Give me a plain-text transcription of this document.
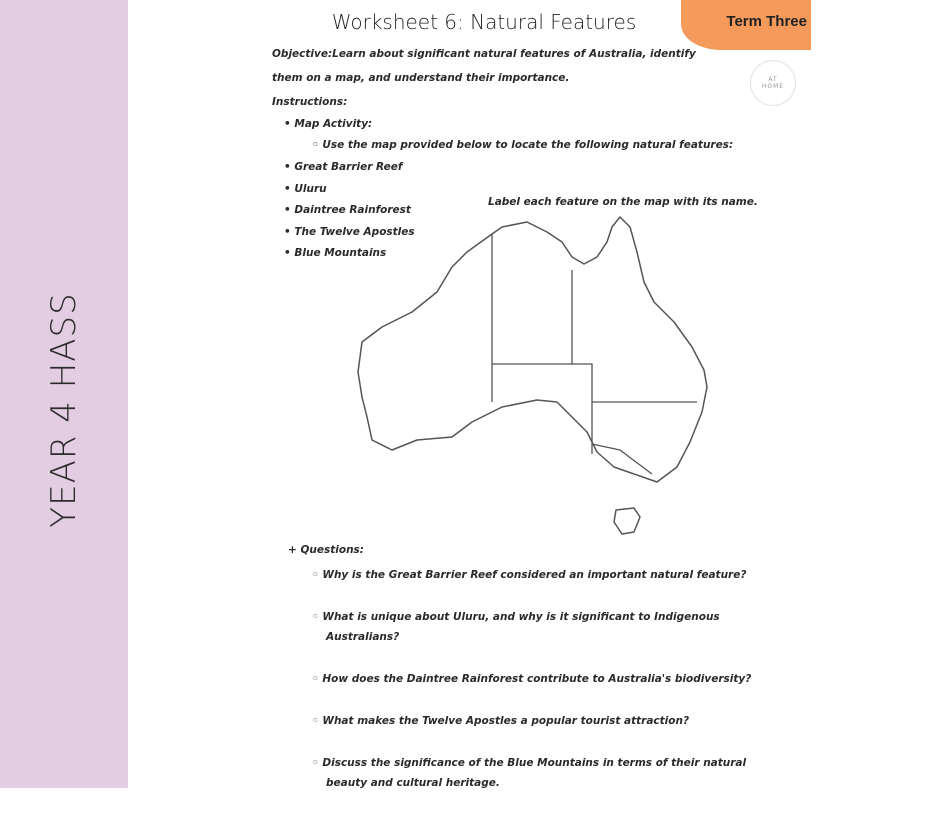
YEAR 4 HASS
Term Three
AT
HOME
Worksheet 6: Natural Features
Objective:Learn about significant natural features of Australia, identify them on a map, and understand their importance.
Instructions:
• Map Activity:
• Great Barrier Reef
• Uluru
• Daintree Rainforest
• The Twelve Apostles
• Blue Mountains
◦ Use the map provided below to locate the following natural features:
Label each feature on the map with its name.
+ Questions:
◦ Why is the Great Barrier Reef considered an important natural feature?
◦ What is unique about Uluru, and why is it significant to Indigenous Australians?
◦ How does the Daintree Rainforest contribute to Australia's biodiversity?
◦ What makes the Twelve Apostles a popular tourist attraction?
◦ Discuss the significance of the Blue Mountains in terms of their natural beauty and cultural heritage.
